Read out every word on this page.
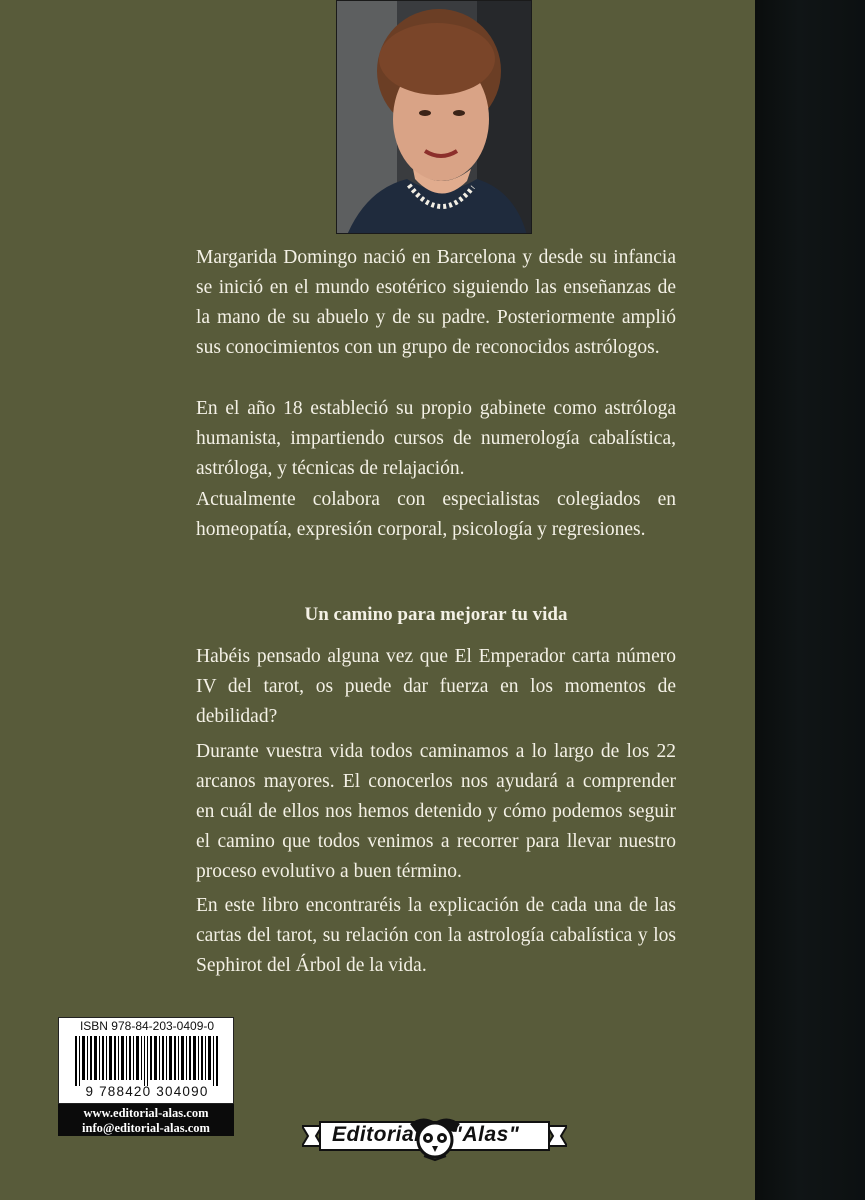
Margarida Domingo nació en Barcelona y desde su infancia se inició en el mundo esotérico siguiendo las enseñanzas de la mano de su abuelo y de su padre. Posteriormente amplió sus conocimientos con un grupo de reconocidos astrólogos.

En el año 18 estableció su propio gabinete como astróloga humanista, impartiendo cursos de numerología cabalística, astróloga, y técnicas de relajación.

Actualmente colabora con especialistas colegiados en homeopatía, expresión corporal, psicología y regresiones.

Un camino para mejorar tu vida

Habéis pensado alguna vez que El Emperador carta número IV del tarot, os puede dar fuerza en los momentos de debilidad?

Durante vuestra vida todos caminamos a lo largo de los 22 arcanos mayores. El conocerlos nos ayudará a comprender en cuál de ellos nos hemos detenido y cómo podemos seguir el camino que todos venimos a recorrer para llevar nuestro proceso evolutivo a buen término.

En este libro encontraréis la explicación de cada una de las cartas del tarot, su relación con la astrología cabalística y los Sephirot del Árbol de la vida.

ISBN 978-84-203-0409-0
9 788420 304090
www.editorial-alas.com
info@editorial-alas.com	Editorial "Alas"
